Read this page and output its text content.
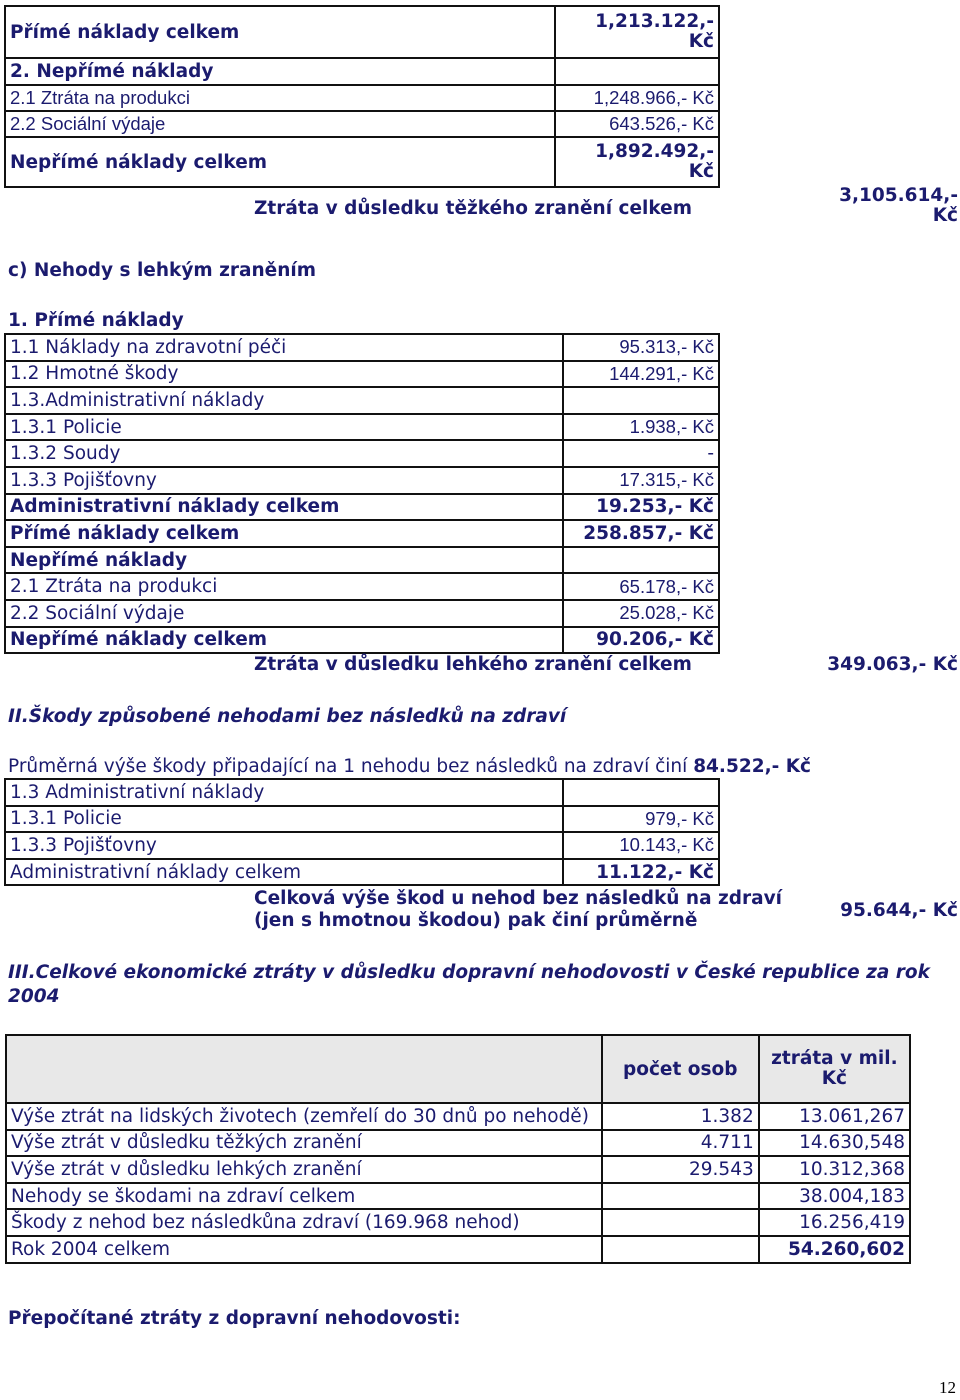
Přímé náklady celkem	1,213.122,-
Kč
2. Nepřímé náklady	
2.1 Ztráta na produkci	1,248.966,- Kč
2.2 Sociální výdaje	643.526,- Kč
Nepřímé náklady celkem	1,892.492,-
Kč
Ztráta v důsledku těžkého zranění celkem
3,105.614,-
Kč
c) Nehody s lehkým zraněním
1. Přímé náklady
1.1 Náklady na zdravotní péči	95.313,- Kč
1.2 Hmotné škody	144.291,- Kč
1.3.Administrativní náklady	
1.3.1 Policie	1.938,- Kč
1.3.2 Soudy	-
1.3.3 Pojišťovny	17.315,- Kč
Administrativní náklady celkem	19.253,- Kč
Přímé náklady celkem	258.857,- Kč
Nepřímé náklady	
2.1 Ztráta na produkci	65.178,- Kč
2.2 Sociální výdaje	25.028,- Kč
Nepřímé náklady celkem	90.206,- Kč
Ztráta v důsledku lehkého zranění celkem	349.063,- Kč
II.Škody způsobené nehodami bez následků na zdraví
Průměrná výše škody připadající na 1 nehodu bez následků na zdraví činí 84.522,- Kč
1.3 Administrativní náklady	
1.3.1 Policie	979,- Kč
1.3.3 Pojišťovny	10.143,- Kč
Administrativní náklady celkem	11.122,- Kč
Celková výše škod u nehod bez následků na zdraví
(jen s hmotnou škodou) pak činí průměrně	95.644,- Kč
III.Celkové ekonomické ztráty v důsledku dopravní nehodovosti v České republice za rok
2004
	počet osob	ztráta v mil.
Kč
Výše ztrát na lidských životech (zemřelí do 30 dnů po nehodě)	1.382	13.061,267
Výše ztrát v důsledku těžkých zranění	4.711	14.630,548
Výše ztrát v důsledku lehkých zranění	29.543	10.312,368
Nehody se škodami na zdraví celkem		38.004,183
Škody z nehod bez následkůna zdraví (169.968 nehod)		16.256,419
Rok 2004 celkem		54.260,602
Přepočítané ztráty z dopravní nehodovosti:
12
